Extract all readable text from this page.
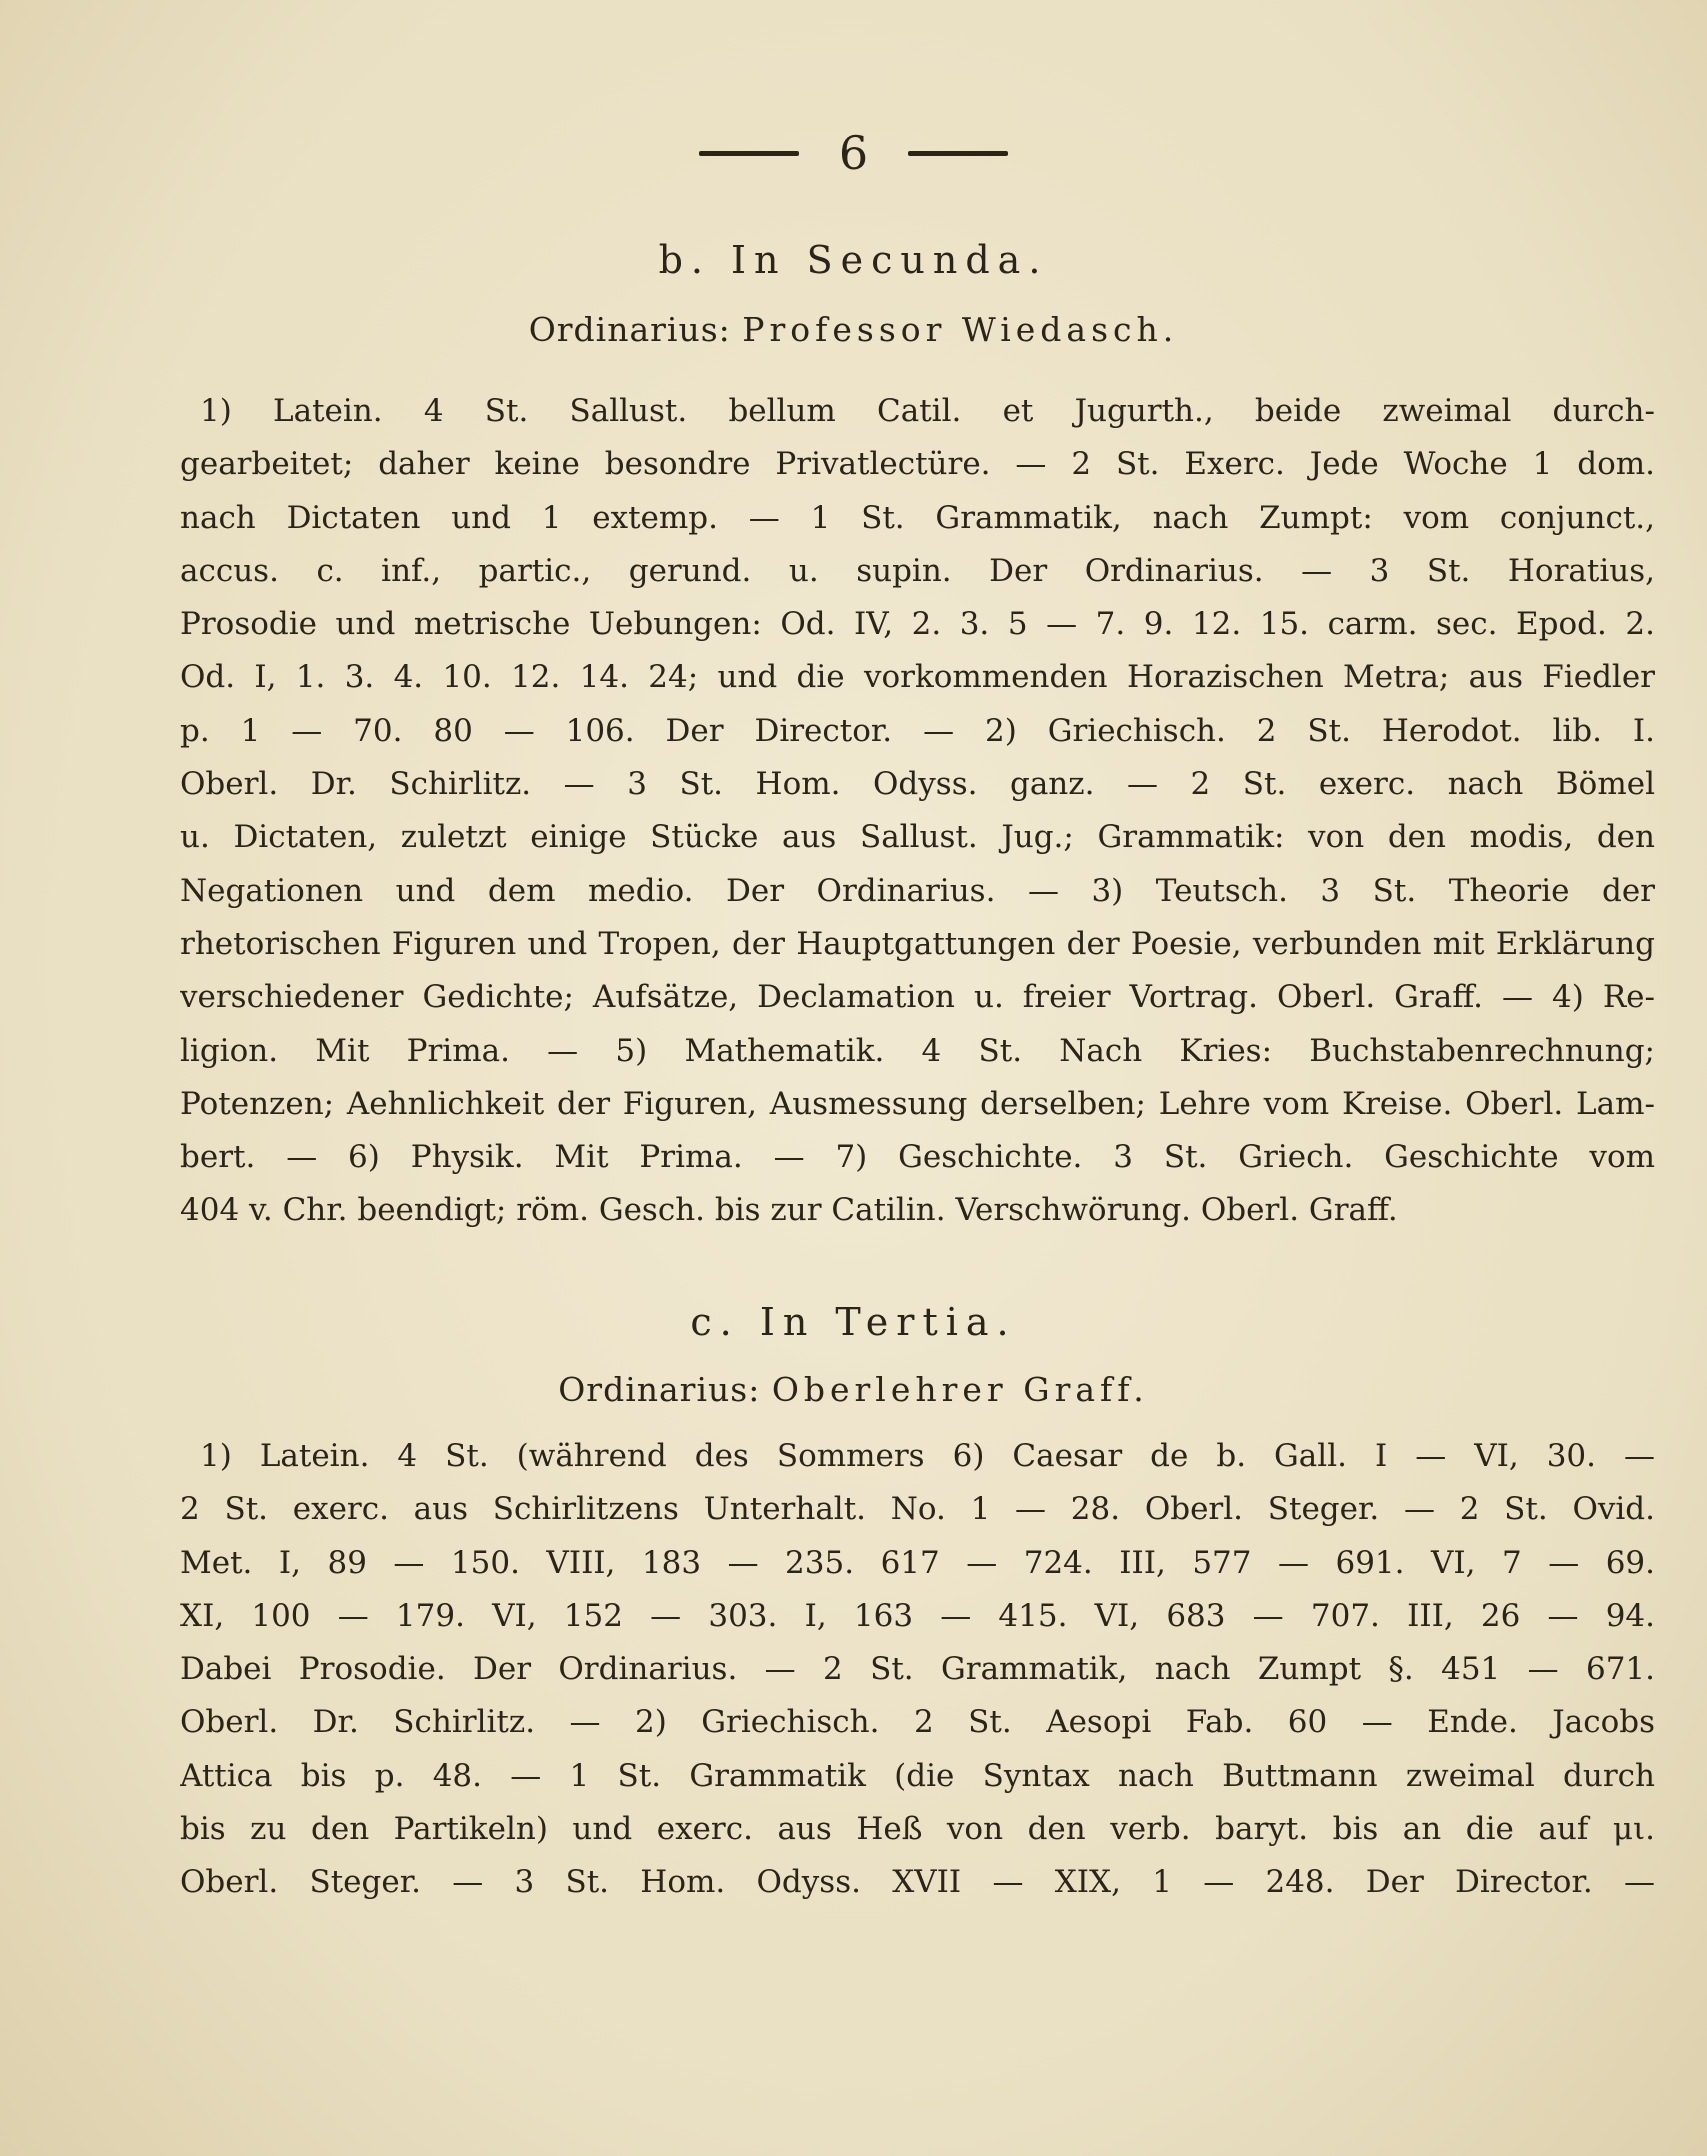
6
b. In Secunda.
Ordinarius: Professor Wiedasch.
1) Latein. 4 St. Sallust. bellum Catil. et Jugurth., beide zweimal durch-
gearbeitet; daher keine besondre Privatlectüre. — 2 St. Exerc. Jede Woche 1 dom.
nach Dictaten und 1 extemp. — 1 St. Grammatik, nach Zumpt: vom conjunct.,
accus. c. inf., partic., gerund. u. supin. Der Ordinarius. — 3 St. Horatius,
Prosodie und metrische Uebungen: Od. IV, 2. 3. 5 — 7. 9. 12. 15. carm. sec. Epod. 2.
Od. I, 1. 3. 4. 10. 12. 14. 24; und die vorkommenden Horazischen Metra; aus Fiedler
p. 1 — 70. 80 — 106. Der Director. — 2) Griechisch. 2 St. Herodot. lib. I.
Oberl. Dr. Schirlitz. — 3 St. Hom. Odyss. ganz. — 2 St. exerc. nach Bömel
u. Dictaten, zuletzt einige Stücke aus Sallust. Jug.; Grammatik: von den modis, den
Negationen und dem medio. Der Ordinarius. — 3) Teutsch. 3 St. Theorie der
rhetorischen Figuren und Tropen, der Hauptgattungen der Poesie, verbunden mit Erklärung
verschiedener Gedichte; Aufsätze, Declamation u. freier Vortrag. Oberl. Graff. — 4) Re-
ligion. Mit Prima. — 5) Mathematik. 4 St. Nach Kries: Buchstabenrechnung;
Potenzen; Aehnlichkeit der Figuren, Ausmessung derselben; Lehre vom Kreise. Oberl. Lam-
bert. — 6) Physik. Mit Prima. — 7) Geschichte. 3 St. Griech. Geschichte vom
404 v. Chr. beendigt; röm. Gesch. bis zur Catilin. Verschwörung. Oberl. Graff.
c. In Tertia.
Ordinarius: Oberlehrer Graff.
1) Latein. 4 St. (während des Sommers 6) Caesar de b. Gall. I — VI, 30. —
2 St. exerc. aus Schirlitzens Unterhalt. No. 1 — 28. Oberl. Steger. — 2 St. Ovid.
Met. I, 89 — 150. VIII, 183 — 235. 617 — 724. III, 577 — 691. VI, 7 — 69.
XI, 100 — 179. VI, 152 — 303. I, 163 — 415. VI, 683 — 707. III, 26 — 94.
Dabei Prosodie. Der Ordinarius. — 2 St. Grammatik, nach Zumpt §. 451 — 671.
Oberl. Dr. Schirlitz. — 2) Griechisch. 2 St. Aesopi Fab. 60 — Ende. Jacobs
Attica bis p. 48. — 1 St. Grammatik (die Syntax nach Buttmann zweimal durch
bis zu den Partikeln) und exerc. aus Heß von den verb. baryt. bis an die auf μι.
Oberl. Steger. — 3 St. Hom. Odyss. XVII — XIX, 1 — 248. Der Director. —
